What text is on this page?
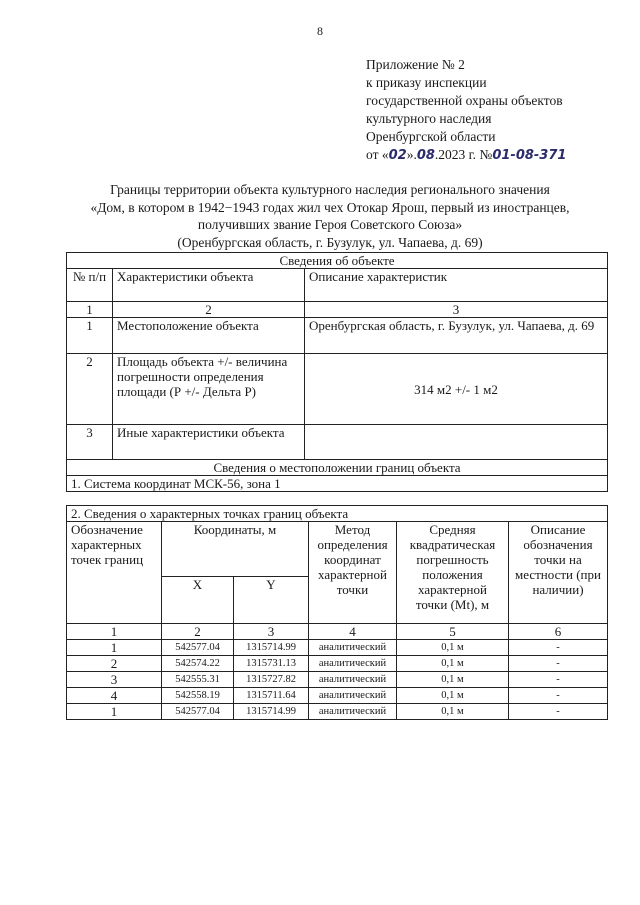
8
Приложение № 2
к приказу инспекции
государственной охраны объектов
культурного наследия
Оренбургской области
от «02».08.2023 г. №01-08-371
Границы территории объекта культурного наследия регионального значения
«Дом, в котором в 1942−1943 годах жил чех Отокар Ярош, первый из иностранцев,
получивших звание Героя Советского Союза»
(Оренбургская область, г. Бузулук, ул. Чапаева, д. 69)
Сведения об объекте		
№ п/п	Характеристики объекта	Описание характеристик
1	2	3
1	Местоположение объекта	Оренбургская область, г. Бузулук, ул. Чапаева, д. 69
2	Площадь объекта +/- величина погрешности определения площади (Р +/- Дельта Р)	314 м2 +/- 1 м2
3	Иные характеристики объекта	
Сведения о местоположении границ объекта		
1. Система координат МСК-56, зона 1		
2. Сведения о характерных точках границ объекта					
Обозначение характерных точек границ	Координаты, м		Метод определения координат характерной точки	Средняя квадратическая погрешность положения характерной точки (Mt), м	Описание обозначения точки на местности (при наличии)
	X	Y			
1	2	3	4	5	6
1	542577.04	1315714.99	аналитический	0,1 м	-
2	542574.22	1315731.13	аналитический	0,1 м	-
3	542555.31	1315727.82	аналитический	0,1 м	-
4	542558.19	1315711.64	аналитический	0,1 м	-
1	542577.04	1315714.99	аналитический	0,1 м	-
